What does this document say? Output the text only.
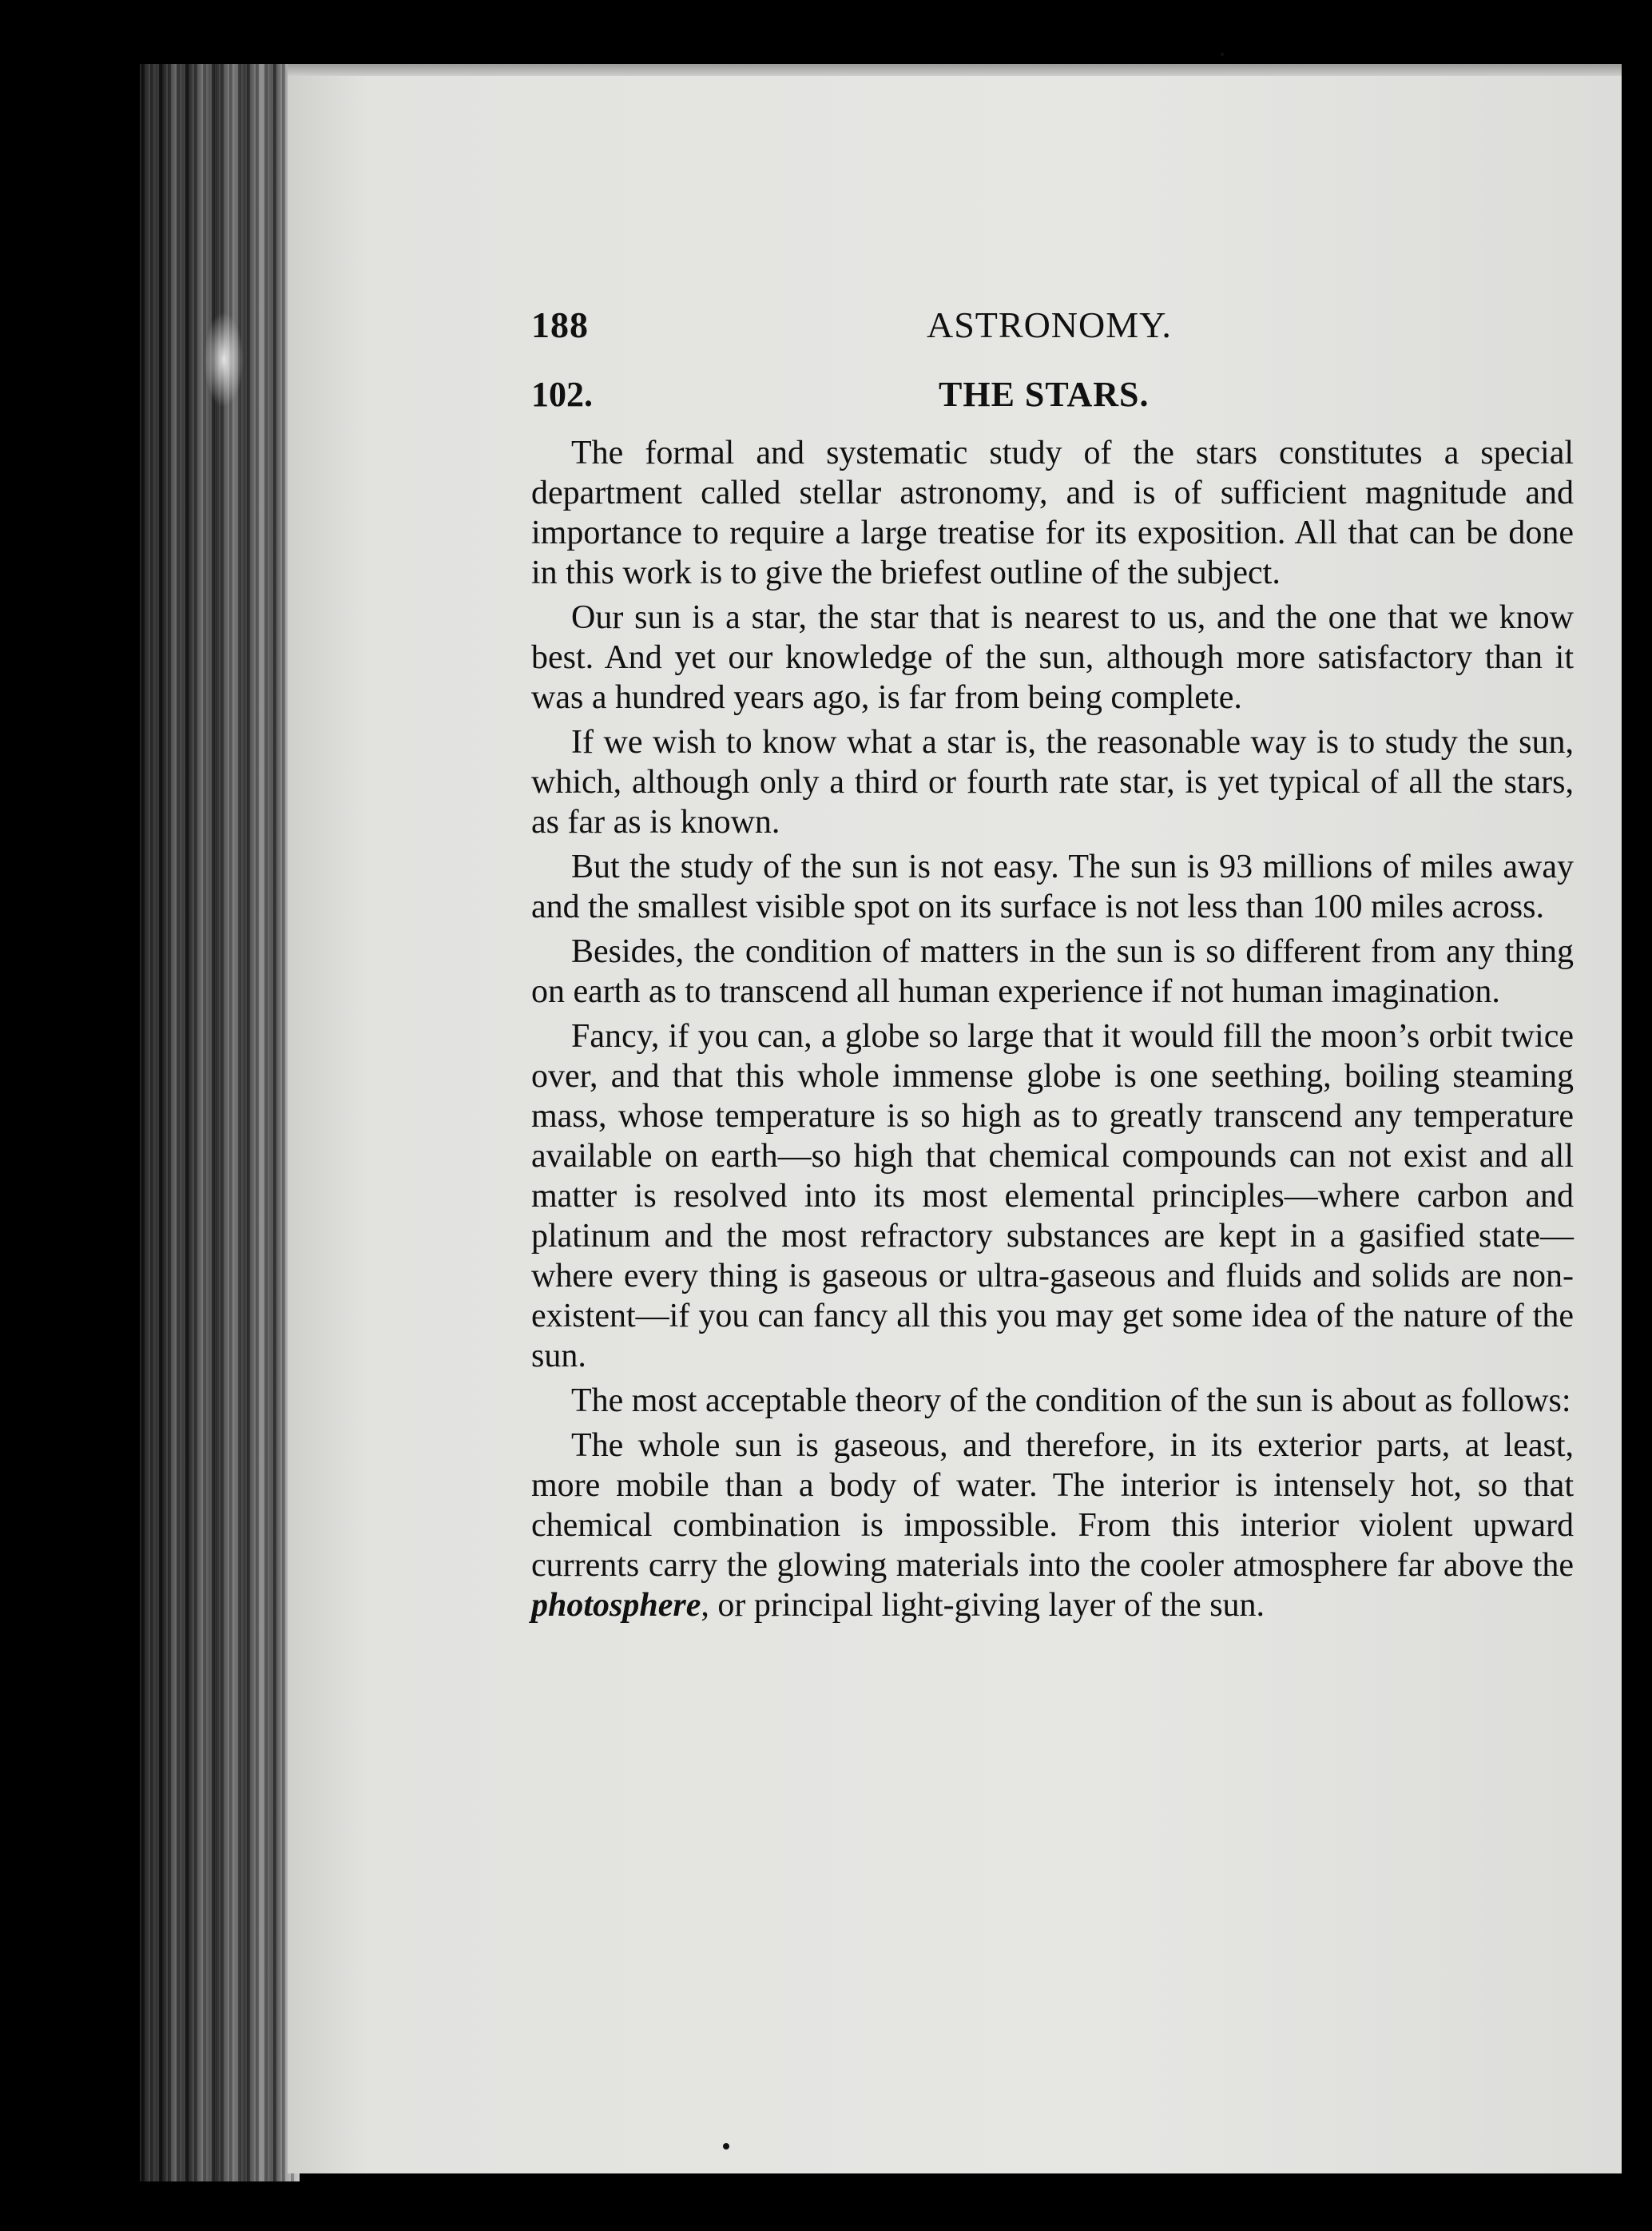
188	ASTRONOMY.
102.	THE STARS.

The formal and systematic study of the stars constitutes a special department called stellar astronomy, and is of sufficient magnitude and importance to require a large treatise for its exposition. All that can be done in this work is to give the briefest outline of the subject.

Our sun is a star, the star that is nearest to us, and the one that we know best. And yet our knowledge of the sun, although more satisfactory than it was a hundred years ago, is far from being complete.

If we wish to know what a star is, the reasonable way is to study the sun, which, although only a third or fourth rate star, is yet typical of all the stars, as far as is known.

But the study of the sun is not easy. The sun is 93 millions of miles away and the smallest visible spot on its surface is not less than 100 miles across.

Besides, the condition of matters in the sun is so different from any thing on earth as to transcend all human experience if not human imagination.

Fancy, if you can, a globe so large that it would fill the moon’s orbit twice over, and that this whole immense globe is one seething, boiling steaming mass, whose temperature is so high as to greatly transcend any temperature available on earth—so high that chemical compounds can not exist and all matter is resolved into its most elemental principles—where carbon and platinum and the most refractory substances are kept in a gasified state—where every thing is gaseous or ultra-gaseous and fluids and solids are non-existent—if you can fancy all this you may get some idea of the nature of the sun.

The most acceptable theory of the condition of the sun is about as follows:

The whole sun is gaseous, and therefore, in its exterior parts, at least, more mobile than a body of water. The interior is intensely hot, so that chemical combination is impossible. From this interior violent upward currents carry the glowing materials into the cooler atmosphere far above the photosphere, or principal light-giving layer of the sun.
